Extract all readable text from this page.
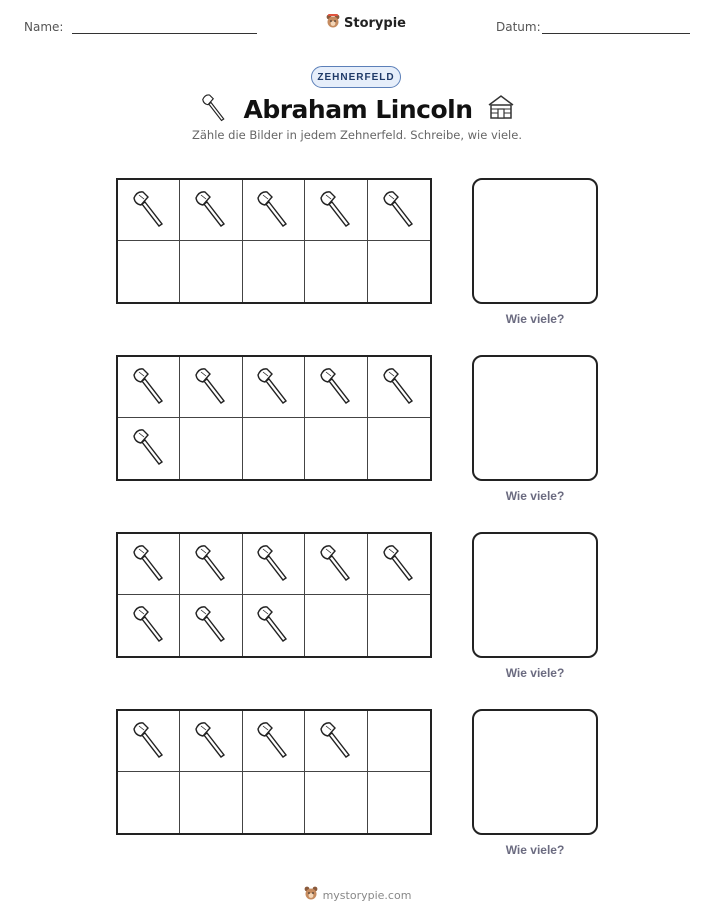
Name:	Storypie	Datum:
ZEHNERFELD
Abraham Lincoln
Zähle die Bilder in jedem Zehnerfeld. Schreibe, wie viele.
Wie viele?
Wie viele?
Wie viele?
Wie viele?
mystorypie.com
